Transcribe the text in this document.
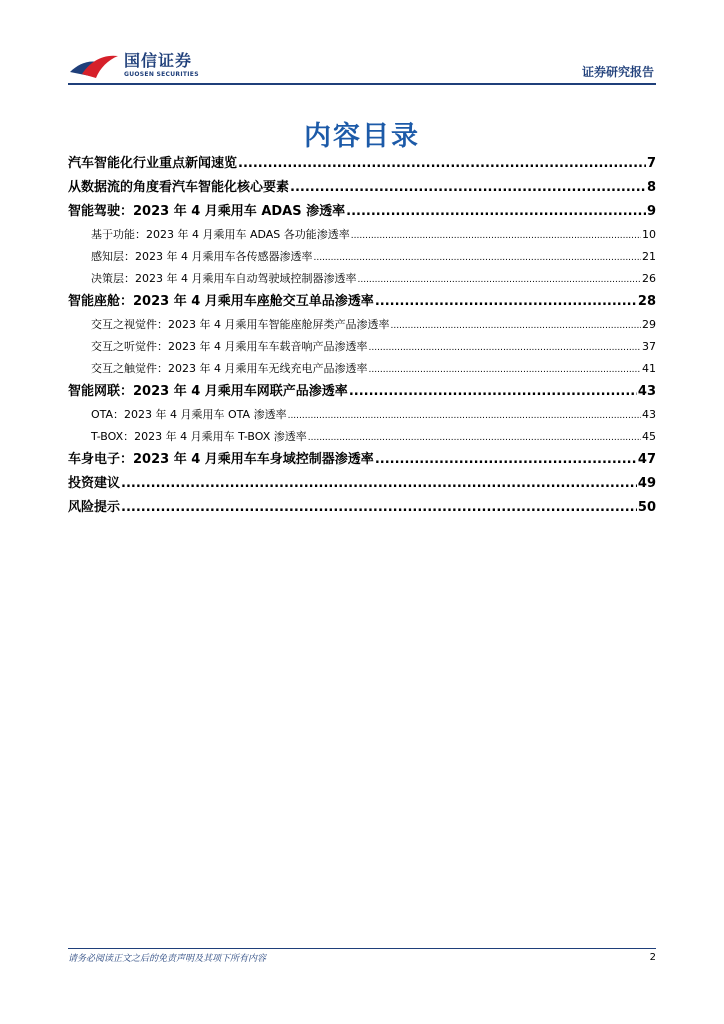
国信证券
GUOSEN SECURITIES	证券研究报告
内容目录
汽车智能化行业重点新闻速览 .....	7
从数据流的角度看汽车智能化核心要素 .....	8
智能驾驶：2023 年 4 月乘用车 ADAS 渗透率 .....	9
基于功能：2023 年 4 月乘用车 ADAS 各功能渗透率 .....	10
感知层：2023 年 4 月乘用车各传感器渗透率 .....	21
决策层：2023 年 4 月乘用车自动驾驶域控制器渗透率 .....	26
智能座舱：2023 年 4 月乘用车座舱交互单品渗透率 .....	28
交互之视觉件：2023 年 4 月乘用车智能座舱屏类产品渗透率 .....	29
交互之听觉件：2023 年 4 月乘用车车载音响产品渗透率 .....	37
交互之触觉件：2023 年 4 月乘用车无线充电产品渗透率 .....	41
智能网联：2023 年 4 月乘用车网联产品渗透率 .....	43
OTA：2023 年 4 月乘用车 OTA 渗透率 .....	43
T-BOX：2023 年 4 月乘用车 T-BOX 渗透率 .....	45
车身电子：2023 年 4 月乘用车车身域控制器渗透率 .....	47
投资建议 .....	49
风险提示 .....	50
请务必阅读正文之后的免责声明及其项下所有内容	2
